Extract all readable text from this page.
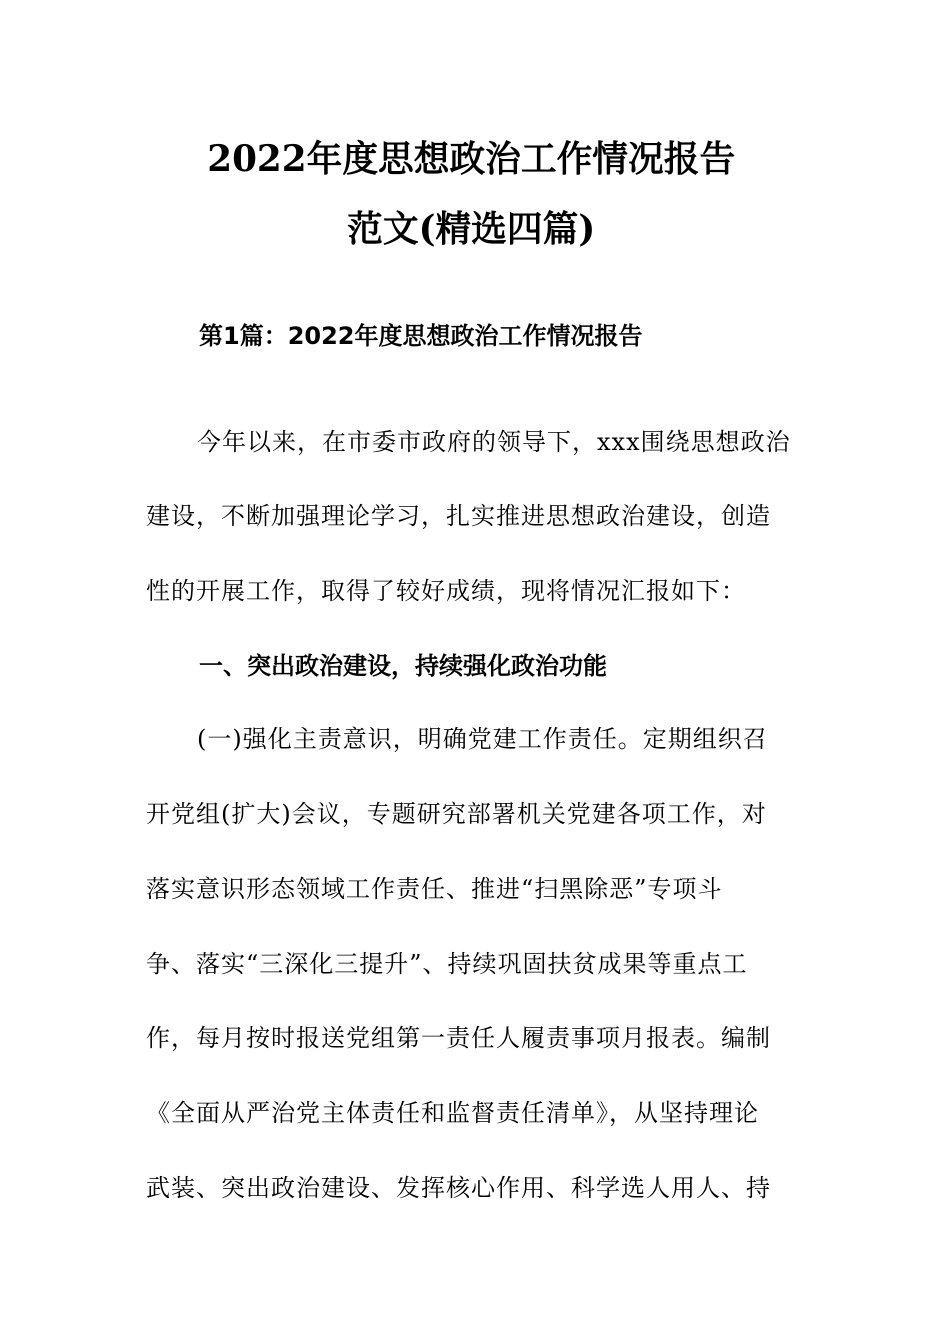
2022年度思想政治工作情况报告
范文(精选四篇)
第1篇：2022年度思想政治工作情况报告
今年以来，在市委市政府的领导下，xxx围绕思想政治
建设，不断加强理论学习，扎实推进思想政治建设，创造
性的开展工作，取得了较好成绩，现将情况汇报如下：
一、突出政治建设，持续强化政治功能
(一)强化主责意识，明确党建工作责任。定期组织召
开党组(扩大)会议，专题研究部署机关党建各项工作，对
落实意识形态领域工作责任、推进“扫黑除恶”专项斗
争、落实“三深化三提升”、持续巩固扶贫成果等重点工
作，每月按时报送党组第一责任人履责事项月报表。编制
《全面从严治党主体责任和监督责任清单》，从坚持理论
武装、突出政治建设、发挥核心作用、科学选人用人、持
